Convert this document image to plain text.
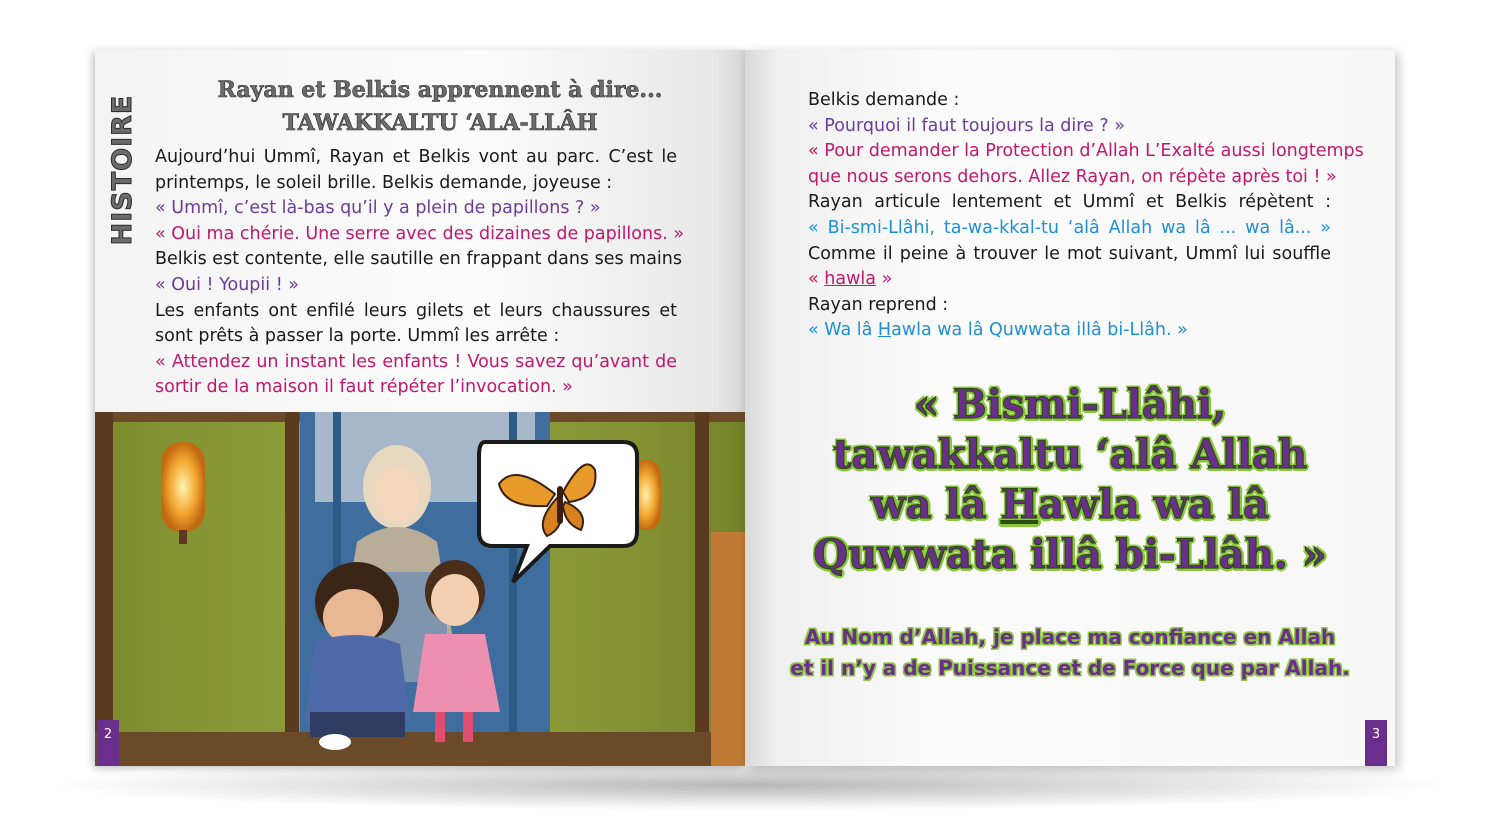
HISTOIRE
Rayan et Belkis apprennent à dire...
TAWAKKALTU ‘ALA-LLÂH
Aujourd’hui Ummî, Rayan et Belkis vont au parc. C’est le
printemps, le soleil brille. Belkis demande, joyeuse :
« Ummî, c’est là-bas qu’il y a plein de papillons ? »
« Oui ma chérie. Une serre avec des dizaines de papillons. »
Belkis est contente, elle sautille en frappant dans ses mains
« Oui ! Youpii ! »
Les enfants ont enfilé leurs gilets et leurs chaussures et
sont prêts à passer la porte. Ummî les arrête :
« Attendez un instant les enfants ! Vous savez qu’avant de
sortir de la maison il faut répéter l’invocation. »
2
Belkis demande :
« Pourquoi il faut toujours la dire ? »
« Pour demander la Protection d’Allah L’Exalté aussi longtemps
que nous serons dehors. Allez Rayan, on répète après toi ! »
Rayan articule lentement et Ummî et Belkis répètent :
« Bi-smi-Llâhi, ta-wa-kkal-tu ‘alâ Allah wa lâ ... wa lâ... »
Comme il peine à trouver le mot suivant, Ummî lui souffle
« hawla »
Rayan reprend :
« Wa lâ Hawla wa lâ Quwwata illâ bi-Llâh. »
« Bismi-Llâhi,
tawakkaltu ‘alâ Allah
wa lâ Hawla wa lâ
Quwwata illâ bi-Llâh. »
Au Nom d’Allah, je place ma confiance en Allah
et il n’y a de Puissance et de Force que par Allah.
3
